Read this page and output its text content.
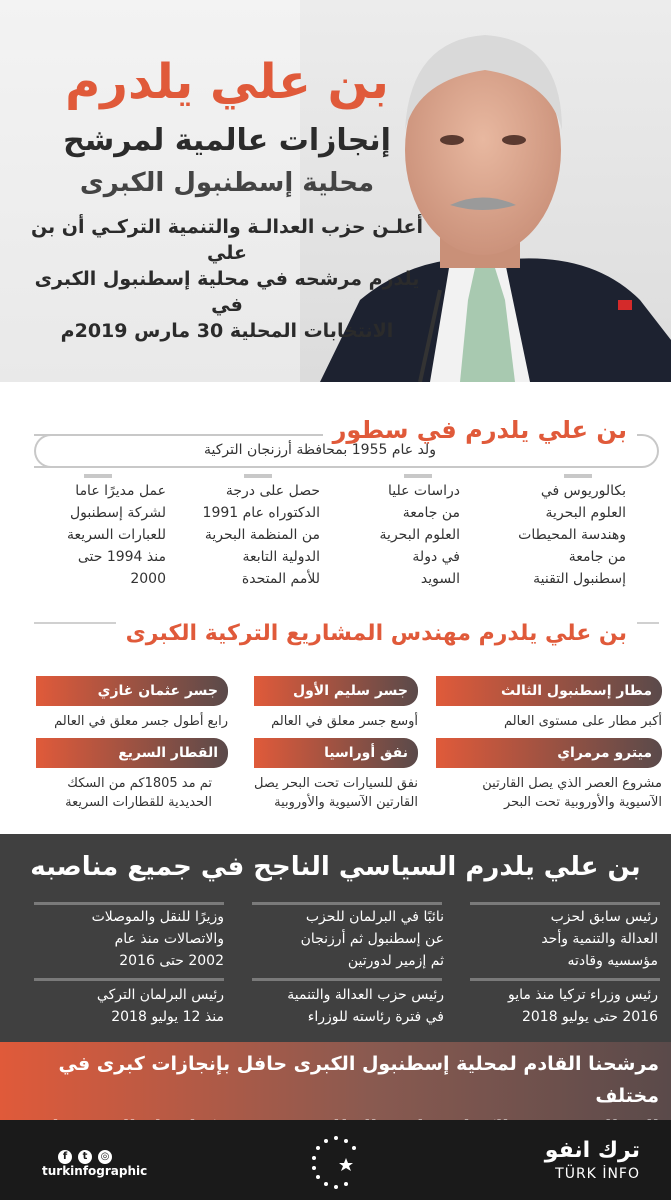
بن علي يلدرم
إنجازات عالمية لمرشح
محلية إسطنبول الكبرى
أعلـن حزب العدالـة والتنمية التركـي أن بن علي
يلدرم مرشحه في محلية إسطنبول الكبرى في
الانتخابات المحلية 30 مارس 2019م
بن علي يلدرم في سطور
ولد عام 1955 بمحافظة أرزنجان التركية
بكالوريوس في
العلوم البحرية
وهندسة المحيطات
من جامعة
إسطنبول التقنية
دراسات عليا
من جامعة
العلوم البحرية
في دولة
السويد
حصل على درجة
الدكتوراه عام 1991
من المنظمة البحرية
الدولية التابعة
للأمم المتحدة
عمل مديرًا عاما
لشركة إسطنبول
للعبارات السريعة
منذ 1994 حتى
2000
بن علي يلدرم مهندس المشاريع التركية الكبرى
مطار إسطنبول الثالث
أكبر مطار على مستوى العالم
جسر سليم الأول
أوسع جسر معلق في العالم
جسر عثمان غازي
رابع أطول جسر معلق في العالم
ميترو مرمراي
مشروع العصر الذي يصل القارتين
الآسيوية والأوروبية تحت البحر
نفق أوراسيا
نفق للسيارات تحت البحر يصل
القارتين الآسيوية والأوروبية
القطار السريع
تم مد 1805كم من السكك
الحديدية للقطارات السريعة
بن علي يلدرم السياسي الناجح في جميع مناصبه
رئيس سابق لحزب
العدالة والتنمية وأحد
مؤسسيه وقادته
نائبًا في البرلمان للحزب
عن إسطنبول ثم أرزنجان
ثم إزمير لدورتين
وزيرًا للنقل والموصلات
والاتصالات منذ عام
2002 حتى 2016
رئيس وزراء تركيا منذ مايو
2016 حتى يوليو 2018
رئيس حزب العدالة والتنمية
في فترة رئاسته للوزراء
رئيس البرلمان التركي
منذ 12 يوليو 2018
مرشحنا القادم لمحلية إسطنبول الكبرى حافل بإنجازات كبرى في مختلف
f t ◎
turkinfographic
ترك انفو
TÜRK İNFO
